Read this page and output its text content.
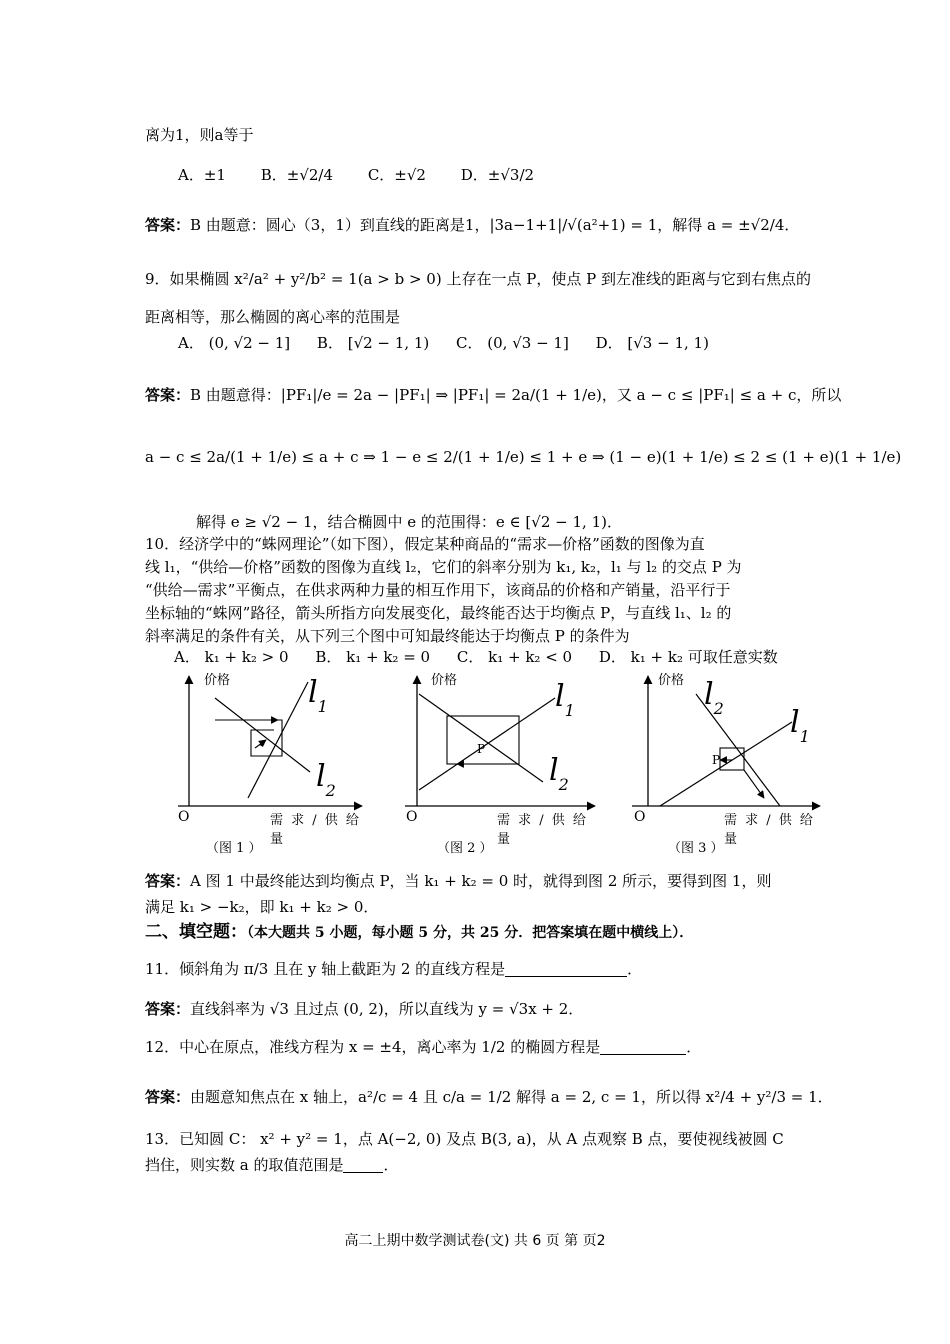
离为1，则a等于
A．±1 B．±√2/4 C．±√2 D．±√3/2
答案：B 由题意：圆心（3，1）到直线的距离是1，|3a−1+1|/√(a²+1) = 1，解得 a = ±√2/4．
9．如果椭圆 x²/a² + y²/b² = 1(a > b > 0) 上存在一点 P，使点 P 到左准线的距离与它到右焦点的
距离相等，那么椭圆的离心率的范围是
A． (0, √2 − 1] B． [√2 − 1, 1) C． (0, √3 − 1] D． [√3 − 1, 1)
答案：B 由题意得：|PF₁|/e = 2a − |PF₁| ⇒ |PF₁| = 2a/(1 + 1/e)，又 a − c ≤ |PF₁| ≤ a + c，所以
a − c ≤ 2a/(1 + 1/e) ≤ a + c ⇒ 1 − e ≤ 2/(1 + 1/e) ≤ 1 + e ⇒ (1 − e)(1 + 1/e) ≤ 2 ≤ (1 + e)(1 + 1/e)
解得 e ≥ √2 − 1，结合椭圆中 e 的范围得：e ∈ [√2 − 1, 1)．
10．经济学中的“蛛网理论”（如下图），假定某种商品的“需求—价格”函数的图像为直
线 l₁，“供给—价格”函数的图像为直线 l₂，它们的斜率分别为 k₁, k₂，l₁ 与 l₂ 的交点 P 为
“供给—需求”平衡点，在供求两种力量的相互作用下，该商品的价格和产销量，沿平行于
坐标轴的“蛛网”路径，箭头所指方向发展变化，最终能否达于均衡点 P，与直线 l₁、l₂ 的
斜率满足的条件有关，从下列三个图中可知最终能达于均衡点 P 的条件为
A． k₁ + k₂ > 0 B． k₁ + k₂ = 0 C． k₁ + k₂ < 0 D． k₁ + k₂ 可取任意实数
价格
O	需 求 / 供 给
量
$l_1$
$l_2$
（图 1 ）
价格
O	需 求 / 供 给
量
P
$l_1$
$l_2$
（图 2 ）
价格
O	需 求 / 供 给
量
P
$l_2$ $l_1$
（图 3 ）
答案：A 图 1 中最终能达到均衡点 P，当 k₁ + k₂ = 0 时，就得到图 2 所示，要得到图 1，则
满足 k₁ > −k₂，即 k₁ + k₂ > 0．
二、填空题：（本大题共 5 小题，每小题 5 分，共 25 分．把答案填在题中横线上）．
11．倾斜角为 π/3 且在 y 轴上截距为 2 的直线方程是	．
答案：直线斜率为 √3 且过点 (0, 2)，所以直线为 y = √3x + 2．
12．中心在原点，准线方程为 x = ±4，离心率为 1/2 的椭圆方程是	．
答案：由题意知焦点在 x 轴上，a²/c = 4 且 c/a = 1/2 解得 a = 2, c = 1，所以得 x²/4 + y²/3 = 1．
13．已知圆 C： x² + y² = 1，点 A(−2, 0) 及点 B(3, a)，从 A 点观察 B 点，要使视线被圆 C
挡住，则实数 a 的取值范围是	．
高二上期中数学测试卷(文) 共 6 页 第 页2
